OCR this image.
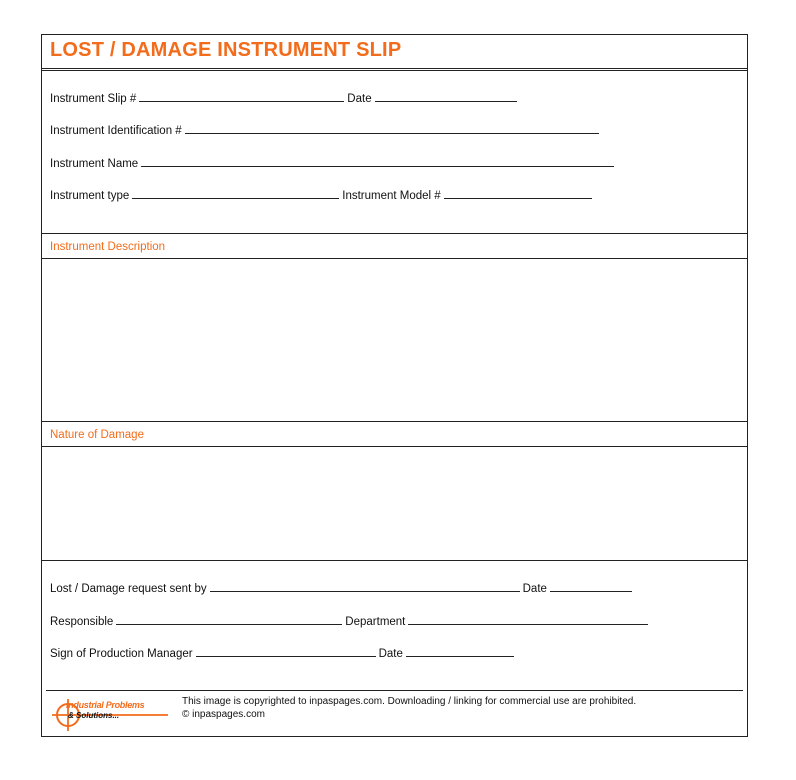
LOST / DAMAGE INSTRUMENT SLIP
Instrument Slip #	Date
Instrument Identification #
Instrument Name
Instrument type	Instrument Model #
Instrument Description
Nature of Damage
Lost / Damage request sent by	Date
Responsible	Department
Sign of Production Manager	Date
Industrial Problems
& Solutions...
This image is copyrighted to inpaspages.com. Downloading / linking for commercial use are prohibited.
© inpaspages.com
